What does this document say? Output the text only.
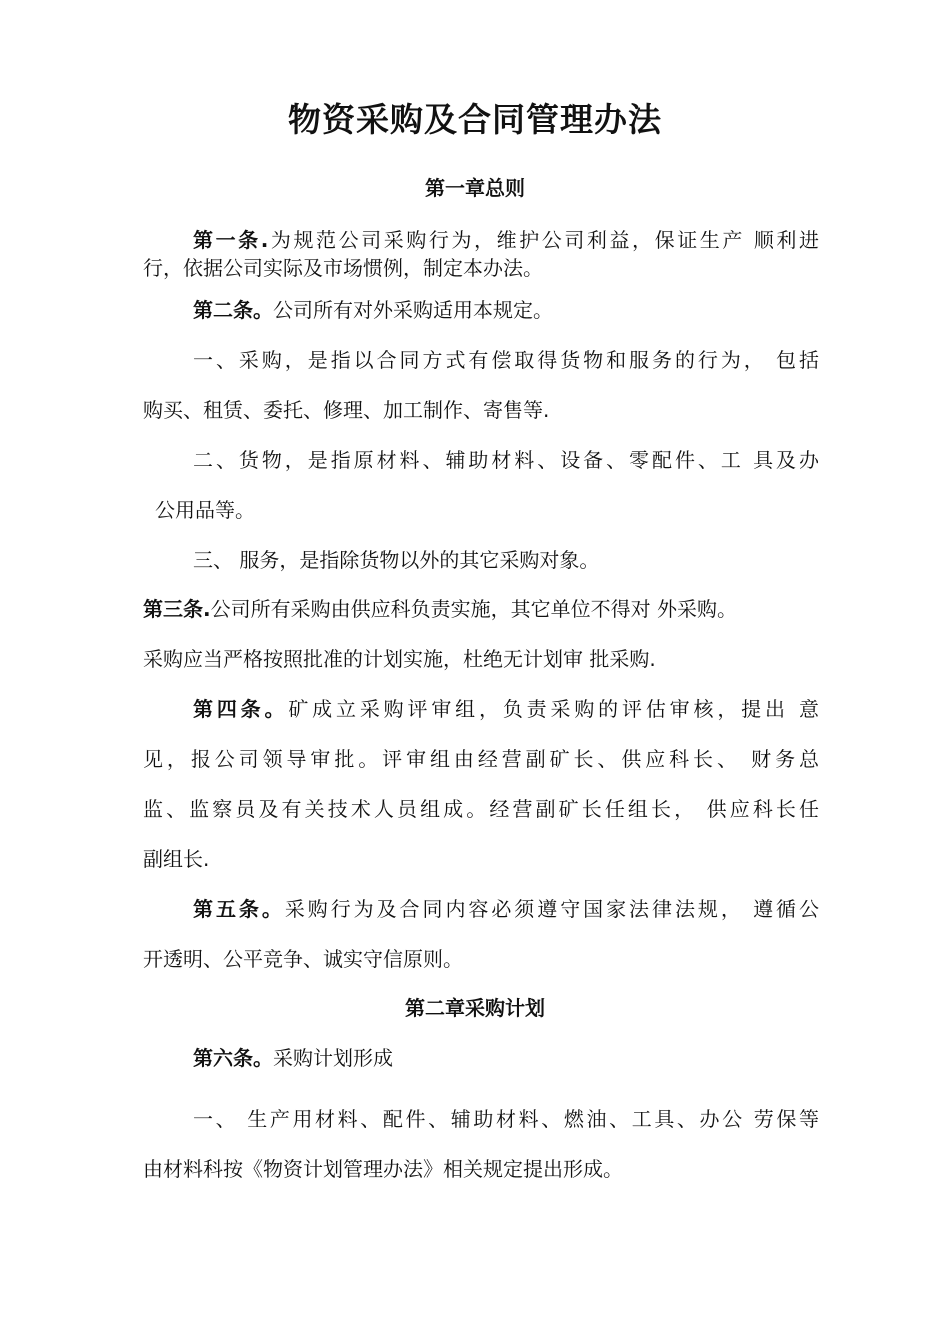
物资采购及合同管理办法
第一章总则
第一条.为规范公司采购行为，维护公司利益，保证生产 顺利进
行，依据公司实际及市场惯例，制定本办法。
第二条。公司所有对外采购适用本规定。
一、采购，是指以合同方式有偿取得货物和服务的行为， 包括
购买、租赁、委托、修理、加工制作、寄售等.
二、货物，是指原材料、辅助材料、设备、零配件、工 具及办
公用品等。
三、 服务，是指除货物以外的其它采购对象。
第三条.公司所有采购由供应科负责实施，其它单位不得对 外采购。
采购应当严格按照批准的计划实施，杜绝无计划审 批采购.
第四条。矿成立采购评审组，负责采购的评估审核，提出 意
见，报公司领导审批。评审组由经营副矿长、供应科长、 财务总
监、监察员及有关技术人员组成。经营副矿长任组长， 供应科长任
副组长.
第五条。采购行为及合同内容必须遵守国家法律法规， 遵循公
开透明、公平竞争、诚实守信原则。
第二章采购计划
第六条。采购计划形成
一、 生产用材料、配件、辅助材料、燃油、工具、办公 劳保等
由材料科按《物资计划管理办法》相关规定提出形成。
